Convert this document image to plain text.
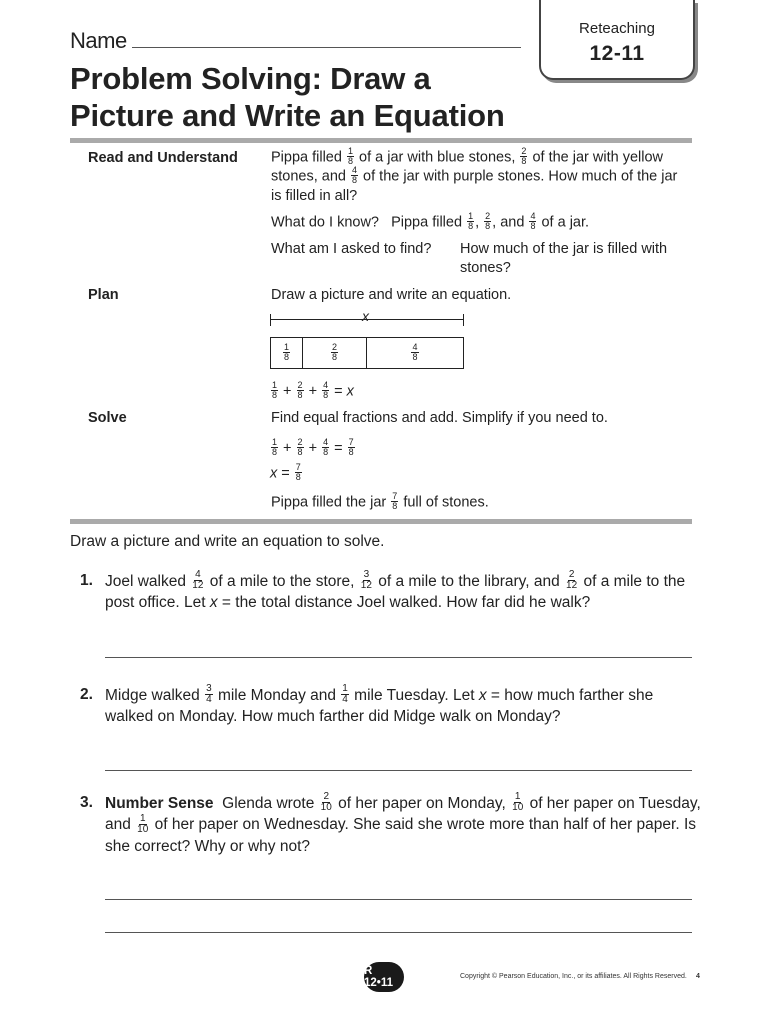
Name	Reteaching
12-11
Problem Solving: Draw a
Picture and Write an Equation
Read and Understand Pippa filled $\frac{1}{8}$ of a jar with blue stones, $\frac{2}{8}$ of the jar with yellow stones, and $\frac{4}{8}$ of the jar with purple stones. How much of the jar is filled in all?
What do I know?   Pippa filled $\frac{1}{8}$ , $\frac{2}{8}$ , and $\frac{4}{8}$ of a jar.
What am I asked to find? How much of the jar is filled with
stones?
Plan	Draw a picture and write an equation.
x
$\frac{1}{8}$	$\frac{2}{8}$	$\frac{4}{8}$
$\frac{1}{8} + \frac{2}{8} + \frac{4}{8} = x$
Solve	Find equal fractions and add. Simplify if you need to.
$\frac{1}{8} + \frac{2}{8} + \frac{4}{8} = \frac{7}{8}$
$x = \frac{7}{8}$
Pippa filled the jar $\frac{7}{8}$ full of stones.
Draw a picture and write an equation to solve.
1. Joel walked $\frac{4}{12}$ of a mile to the store, $\frac{3}{12}$ of a mile to the library, and $\frac{2}{12}$ of a mile to the post office. Let x = the total distance Joel walked. How far did he walk?
2. Midge walked $\frac{3}{4}$ mile Monday and $\frac{1}{4}$ mile Tuesday. Let x = how much farther she walked on Monday. How much farther did Midge walk on Monday?
3. Number Sense  Glenda wrote $\frac{2}{10}$ of her paper on Monday, $\frac{1}{10}$ of her paper on Tuesday, and $\frac{1}{10}$ of her paper on Wednesday. She said she wrote more than half of her paper. Is she correct? Why or why not?
R 12•11
Copyright © Pearson Education, Inc., or its affiliates. All Rights Reserved. 4
